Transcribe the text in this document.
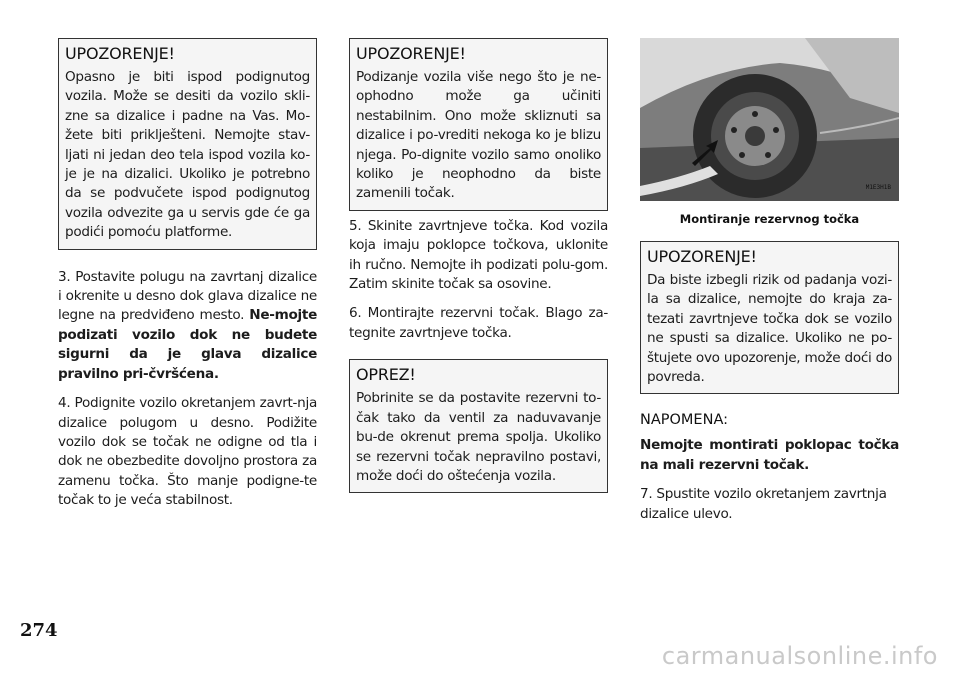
UPOZORENJE!

Opasno je biti ispod podignutog vozila. Može se desiti da vozilo skli-zne sa dizalice i padne na Vas. Mo-žete biti priklješteni. Nemojte stav-ljati ni jedan deo tela ispod vozila ko-je je na dizalici. Ukoliko je potrebno da se podvučete ispod podignutog vozila odvezite ga u servis gde će ga podići pomoću platforme.

3. Postavite polugu na zavrtanj dizalice i okrenite u desno dok glava dizalice ne legne na predviđeno mesto. Ne-mojte podizati vozilo dok ne budete sigurni da je glava dizalice pravilno pri-čvršćena.

4. Podignite vozilo okretanjem zavrt-nja dizalice polugom u desno. Podižite vozilo dok se točak ne odigne od tla i dok ne obezbedite dovoljno prostora za zamenu točka. Što manje podigne-te točak to je veća stabilnost.

UPOZORENJE!

Podizanje vozila više nego što je ne-ophodno može ga učiniti nestabilnim. Ono može skliznuti sa dizalice i po-vrediti nekoga ko je blizu njega. Po-dignite vozilo samo onoliko koliko je neophodno da biste zamenili točak.

5. Skinite zavrtnjeve točka. Kod vozila koja imaju poklopce točkova, uklonite ih ručno. Nemojte ih podizati polu-gom. Zatim skinite točak sa osovine.

6. Montirajte rezervni točak. Blago za-tegnite zavrtnjeve točka.

OPREZ!

Pobrinite se da postavite rezervni to-čak tako da ventil za naduvavanje bu-de okrenut prema spolja. Ukoliko se rezervni točak nepravilno postavi, može doći do oštećenja vozila.

M1E3H1B
Montiranje rezervnog točka
UPOZORENJE!

Da biste izbegli rizik od padanja vozi-la sa dizalice, nemojte do kraja za-tezati zavrtnjeve točka dok se vozilo ne spusti sa dizalice. Ukoliko ne po-štujete ovo upozorenje, može doći do povreda.

NAPOMENA:

Nemojte montirati poklopac točka na mali rezervni točak.

7. Spustite vozilo okretanjem zavrtnja dizalice ulevo.

274
carmanualsonline.info
